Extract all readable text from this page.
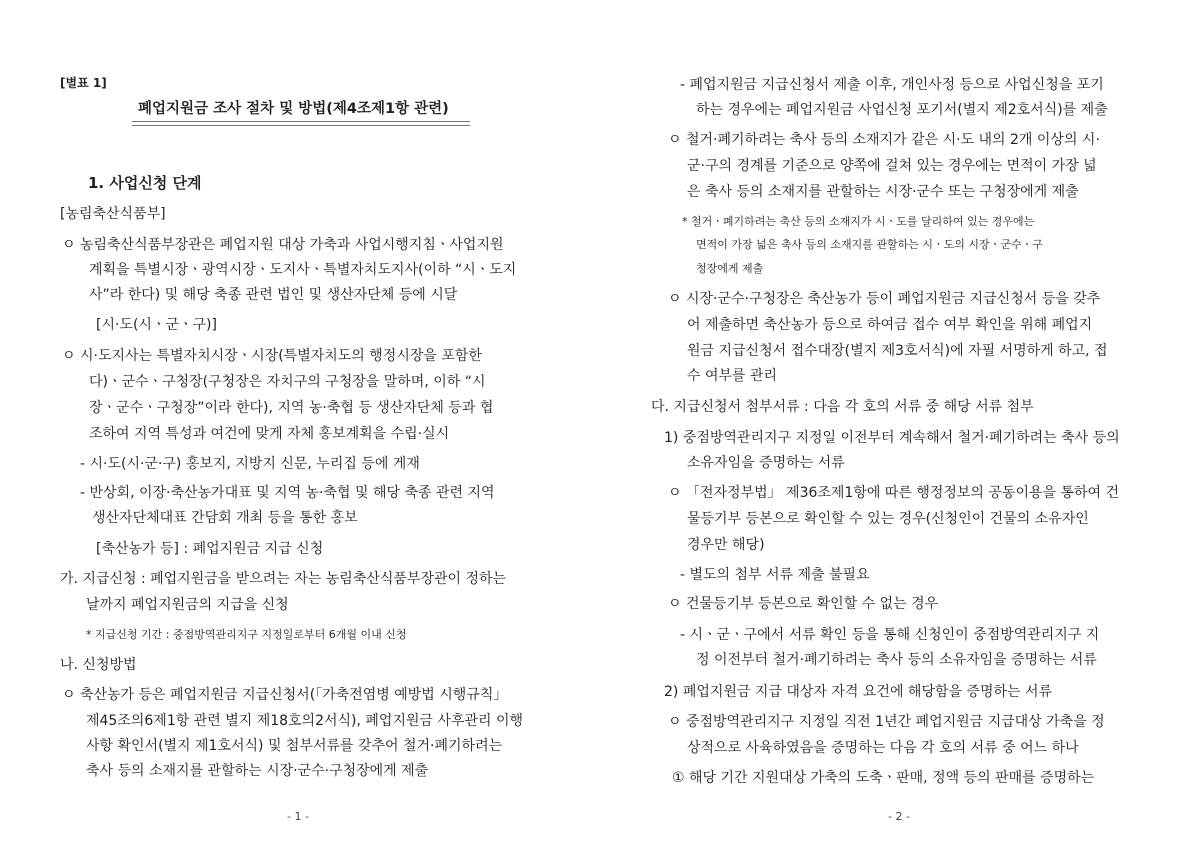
[별표 1]
폐업지원금 조사 절차 및 방법(제4조제1항 관련)
1. 사업신청 단계
[농림축산식품부]
ㅇ 농림축산식품부장관은 폐업지원 대상 가축과 사업시행지침ㆍ사업지원
계획을 특별시장ㆍ광역시장ㆍ도지사ㆍ특별자치도지사(이하 “시ㆍ도지
사”라 한다) 및 해당 축종 관련 법인 및 생산자단체 등에 시달
[시·도(시ㆍ군ㆍ구)]
ㅇ 시·도지사는 특별자치시장ㆍ시장(특별자치도의 행정시장을 포함한
다)ㆍ군수ㆍ구청장(구청장은 자치구의 구청장을 말하며, 이하 “시
장ㆍ군수ㆍ구청장”이라 한다), 지역 농·축협 등 생산자단체 등과 협
조하여 지역 특성과 여건에 맞게 자체 홍보계획을 수립·실시
- 시·도(시·군·구) 홍보지, 지방지 신문, 누리집 등에 게재
- 반상회, 이장·축산농가대표 및 지역 농·축협 및 해당 축종 관련 지역
생산자단체대표 간담회 개최 등을 통한 홍보
[축산농가 등] : 폐업지원금 지급 신청
가. 지급신청 : 폐업지원금을 받으려는 자는 농림축산식품부장관이 정하는
날까지 폐업지원금의 지급을 신청
* 지급신청 기간 : 중점방역관리지구 지정일로부터 6개월 이내 신청
나. 신청방법
ㅇ 축산농가 등은 폐업지원금 지급신청서(「가축전염병 예방법 시행규칙」
제45조의6제1항 관련 별지 제18호의2서식), 폐업지원금 사후관리 이행
사항 확인서(별지 제1호서식) 및 첨부서류를 갖추어 철거·폐기하려는
축사 등의 소재지를 관할하는 시장·군수·구청장에게 제출
- 1 -
- 폐업지원금 지급신청서 제출 이후, 개인사정 등으로 사업신청을 포기
하는 경우에는 폐업지원금 사업신청 포기서(별지 제2호서식)를 제출
ㅇ 철거·폐기하려는 축사 등의 소재지가 같은 시·도 내의 2개 이상의 시·
군·구의 경계를 기준으로 양쪽에 걸쳐 있는 경우에는 면적이 가장 넓
은 축사 등의 소재지를 관할하는 시장·군수 또는 구청장에게 제출
* 철거ㆍ폐기하려는 축산 등의 소재지가 시ㆍ도를 달리하여 있는 경우에는
면적이 가장 넓은 축사 등의 소재지를 관할하는 시ㆍ도의 시장ㆍ군수ㆍ구
청장에게 제출
ㅇ 시장·군수·구청장은 축산농가 등이 폐업지원금 지급신청서 등을 갖추
어 제출하면 축산농가 등으로 하여금 접수 여부 확인을 위해 폐업지
원금 지급신청서 접수대장(별지 제3호서식)에 자필 서명하게 하고, 접
수 여부를 관리
다. 지급신청서 첨부서류 : 다음 각 호의 서류 중 해당 서류 첨부
1) 중점방역관리지구 지정일 이전부터 계속해서 철거·폐기하려는 축사 등의
소유자임을 증명하는 서류
ㅇ 「전자정부법」 제36조제1항에 따른 행정정보의 공동이용을 통하여 건
물등기부 등본으로 확인할 수 있는 경우(신청인이 건물의 소유자인
경우만 해당)
- 별도의 첨부 서류 제출 불필요
ㅇ 건물등기부 등본으로 확인할 수 없는 경우
- 시ㆍ군ㆍ구에서 서류 확인 등을 통해 신청인이 중점방역관리지구 지
정 이전부터 철거·폐기하려는 축사 등의 소유자임을 증명하는 서류
2) 폐업지원금 지급 대상자 자격 요건에 해당함을 증명하는 서류
ㅇ 중점방역관리지구 지정일 직전 1년간 폐업지원금 지급대상 가축을 정
상적으로 사육하였음을 증명하는 다음 각 호의 서류 중 어느 하나
① 해당 기간 지원대상 가축의 도축ㆍ판매, 정액 등의 판매를 증명하는
- 2 -
